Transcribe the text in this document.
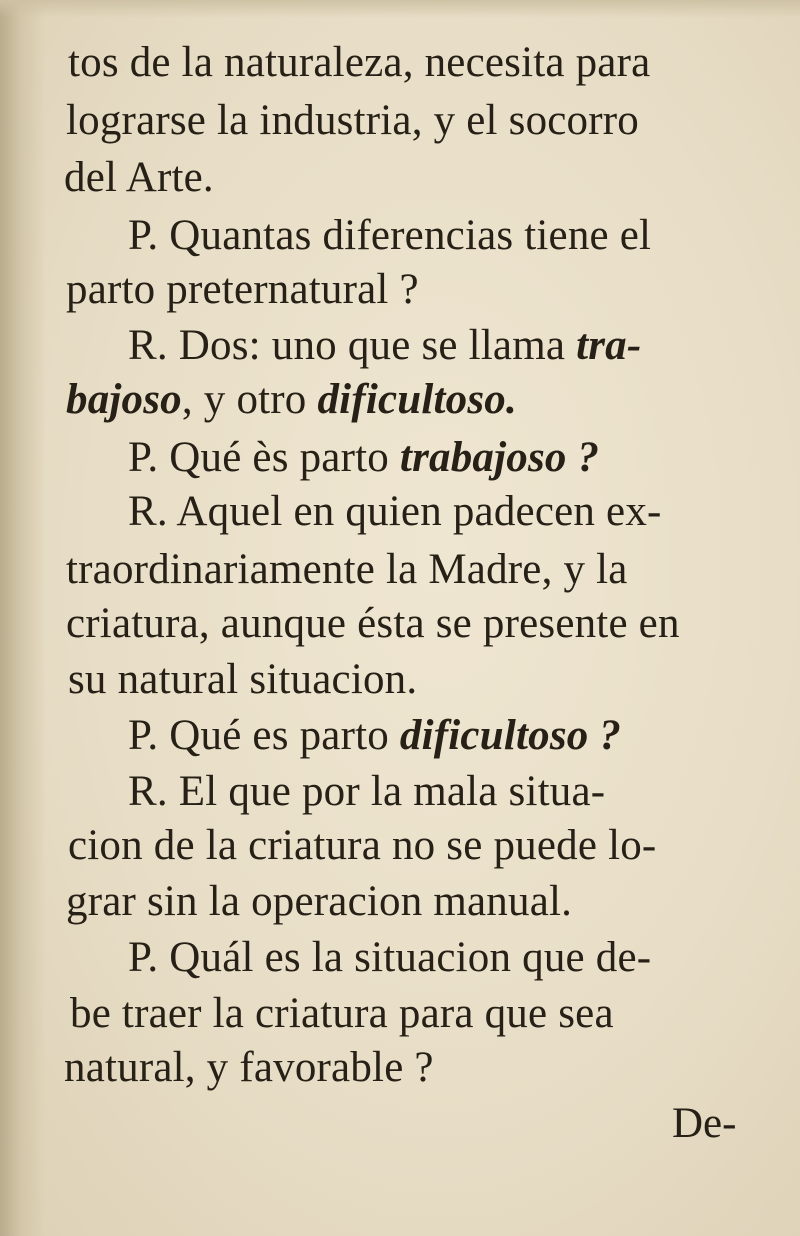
tos de la naturaleza, necesita para
lograrse la industria, y el socorro
del Arte.
P. Quantas diferencias tiene el
parto preternatural ?
R. Dos: uno que se llama tra-
bajoso, y otro dificultoso.
P. Qué ès parto trabajoso ?
R. Aquel en quien padecen ex-
traordinariamente la Madre, y la
criatura, aunque ésta se presente en
su natural situacion.
P. Qué es parto dificultoso ?
R. El que por la mala situa-
cion de la criatura no se puede lo-
grar sin la operacion manual.
P. Quál es la situacion que de-
be traer la criatura para que sea
natural, y favorable ?
De-
